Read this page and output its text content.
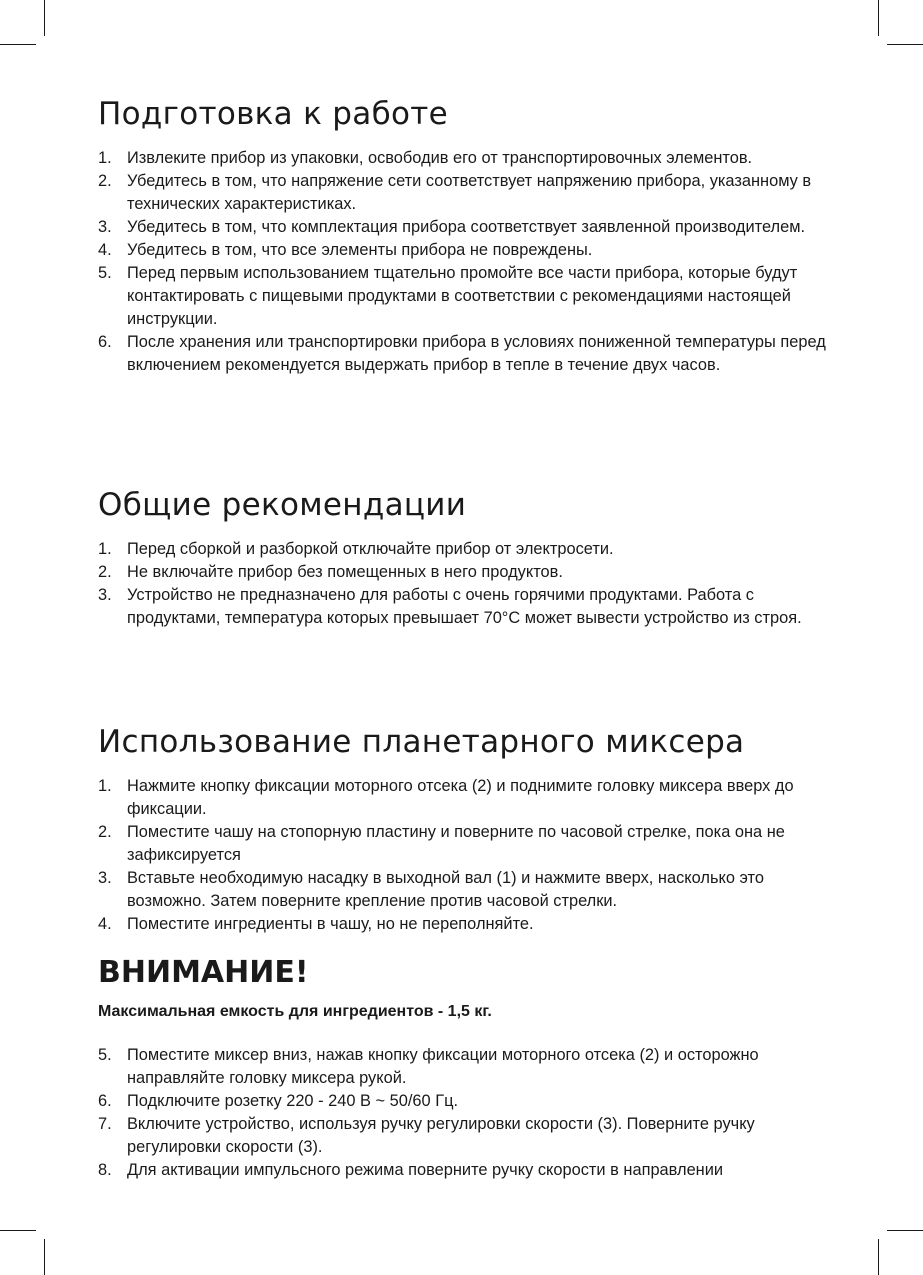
Подготовка к работе
1. Извлеките прибор из упаковки, освободив его от транспортировочных элементов.
2. Убедитесь в том, что напряжение сети соответствует напряжению прибора, указанному в технических характеристиках.
3. Убедитесь в том, что комплектация прибора соответствует заявленной производителем.
4. Убедитесь в том, что все элементы прибора не повреждены.
5. Перед первым использованием тщательно промойте все части прибора, которые будут контактировать с пищевыми продуктами в соответствии с рекомендациями настоящей инструкции.
6. После хранения или транспортировки прибора в условиях пониженной температуры перед включением рекомендуется выдержать прибор в тепле в течение двух часов.
Общие рекомендации
1. Перед сборкой и разборкой отключайте прибор от электросети.
2. Не включайте прибор без помещенных в него продуктов.
3. Устройство не предназначено для работы с очень горячими продуктами. Работа с продуктами, температура которых превышает 70°С может вывести устройство из строя.
Использование планетарного миксера
1. Нажмите кнопку фиксации моторного отсека (2) и поднимите головку миксера вверх до фиксации.
2. Поместите чашу на стопорную пластину и поверните по часовой стрелке, пока она не зафиксируется
3. Вставьте необходимую насадку в выходной вал (1) и нажмите вверх, насколько это возможно. Затем поверните крепление против часовой стрелки.
4. Поместите ингредиенты в чашу, но не переполняйте.
ВНИМАНИЕ!

Максимальная емкость для ингредиентов - 1,5 кг.

5. Поместите миксер вниз, нажав кнопку фиксации моторного отсека (2) и осторожно направляйте головку миксера рукой.
6. Подключите розетку 220 - 240 В ~ 50/60 Гц.
7. Включите устройство, используя ручку регулировки скорости (3). Поверните ручку регулировки скорости (3).
8. Для активации импульсного режима поверните ручку скорости в направлении
